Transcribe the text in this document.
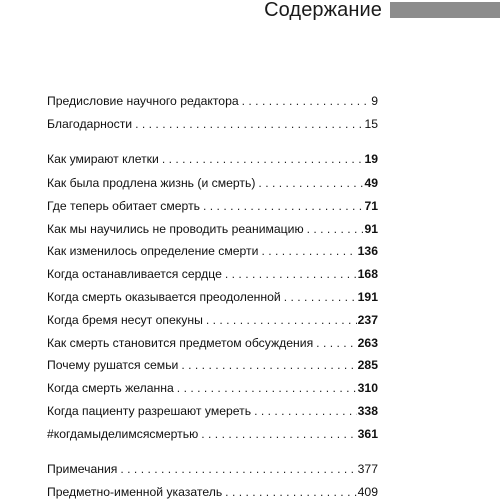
Содержание
Предисловие научного редактора . . .	9
Благодарности . . .	15
Как умирают клетки . . .	19
Как была продлена жизнь (и смерть) . . .	49
Где теперь обитает смерть . . .	71
Как мы научились не проводить реанимацию . . .	91
Как изменилось определение смерти . . .	136
Когда останавливается сердце . . .	168
Когда смерть оказывается преодоленной . . .	191
Когда бремя несут опекуны . . .	237
Как смерть становится предметом обсуждения . . .	263
Почему рушатся семьи . . .	285
Когда смерть желанна . . .	310
Когда пациенту разрешают умереть . . .	338
#когдамыделимсясмертью . . .	361
Примечания . . .	377
Предметно-именной указатель . . .	409
